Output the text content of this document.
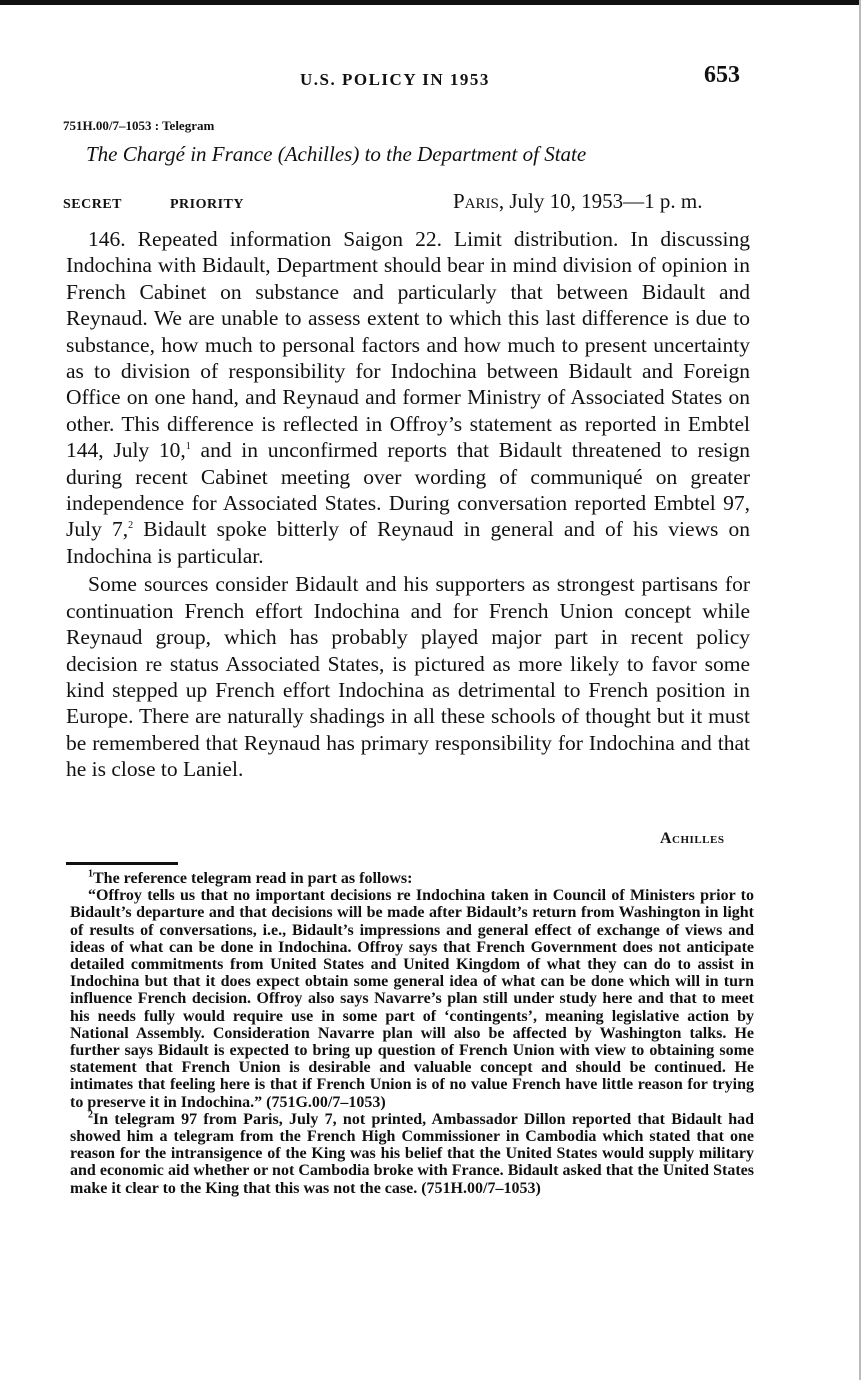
U.S. POLICY IN 1953	653
751H.00/7–1053 : Telegram
The Chargé in France (Achilles) to the Department of State
SECRET	PRIORITY	Paris, July 10, 1953—1 p. m.

146. Repeated information Saigon 22. Limit distribution. In discussing Indochina with Bidault, Department should bear in mind division of opinion in French Cabinet on substance and particularly that between Bidault and Reynaud. We are unable to assess extent to which this last difference is due to substance, how much to personal factors and how much to present uncertainty as to division of responsibility for Indochina between Bidault and Foreign Office on one hand, and Reynaud and former Ministry of Associated States on other. This difference is reflected in Offroy’s statement as reported in Embtel 144, July 10,$^1$ and in unconfirmed reports that Bidault threatened to resign during recent Cabinet meeting over wording of communiqué on greater independence for Associated States. During conversation reported Embtel 97, July 7,$^2$ Bidault spoke bitterly of Reynaud in general and of his views on Indochina is particular.

Some sources consider Bidault and his supporters as strongest partisans for continuation French effort Indochina and for French Union concept while Reynaud group, which has probably played major part in recent policy decision re status Associated States, is pictured as more likely to favor some kind stepped up French effort Indochina as detrimental to French position in Europe. There are naturally shadings in all these schools of thought but it must be remembered that Reynaud has primary responsibility for Indochina and that he is close to Laniel.

Achilles

$^1$The reference telegram read in part as follows:

“Offroy tells us that no important decisions re Indochina taken in Council of Ministers prior to Bidault’s departure and that decisions will be made after Bidault’s return from Washington in light of results of conversations, i.e., Bidault’s impressions and general effect of exchange of views and ideas of what can be done in Indochina. Offroy says that French Government does not anticipate detailed commitments from United States and United Kingdom of what they can do to assist in Indochina but that it does expect obtain some general idea of what can be done which will in turn influence French decision. Offroy also says Navarre’s plan still under study here and that to meet his needs fully would require use in some part of ‘contingents’, meaning legislative action by National Assembly. Consideration Navarre plan will also be affected by Washington talks. He further says Bidault is expected to bring up question of French Union with view to obtaining some statement that French Union is desirable and valuable concept and should be continued. He intimates that feeling here is that if French Union is of no value French have little reason for trying to preserve it in Indochina.” (751G.00/7–1053)

$^2$In telegram 97 from Paris, July 7, not printed, Ambassador Dillon reported that Bidault had showed him a telegram from the French High Commissioner in Cambodia which stated that one reason for the intransigence of the King was his belief that the United States would supply military and economic aid whether or not Cambodia broke with France. Bidault asked that the United States make it clear to the King that this was not the case. (751H.00/7–1053)
